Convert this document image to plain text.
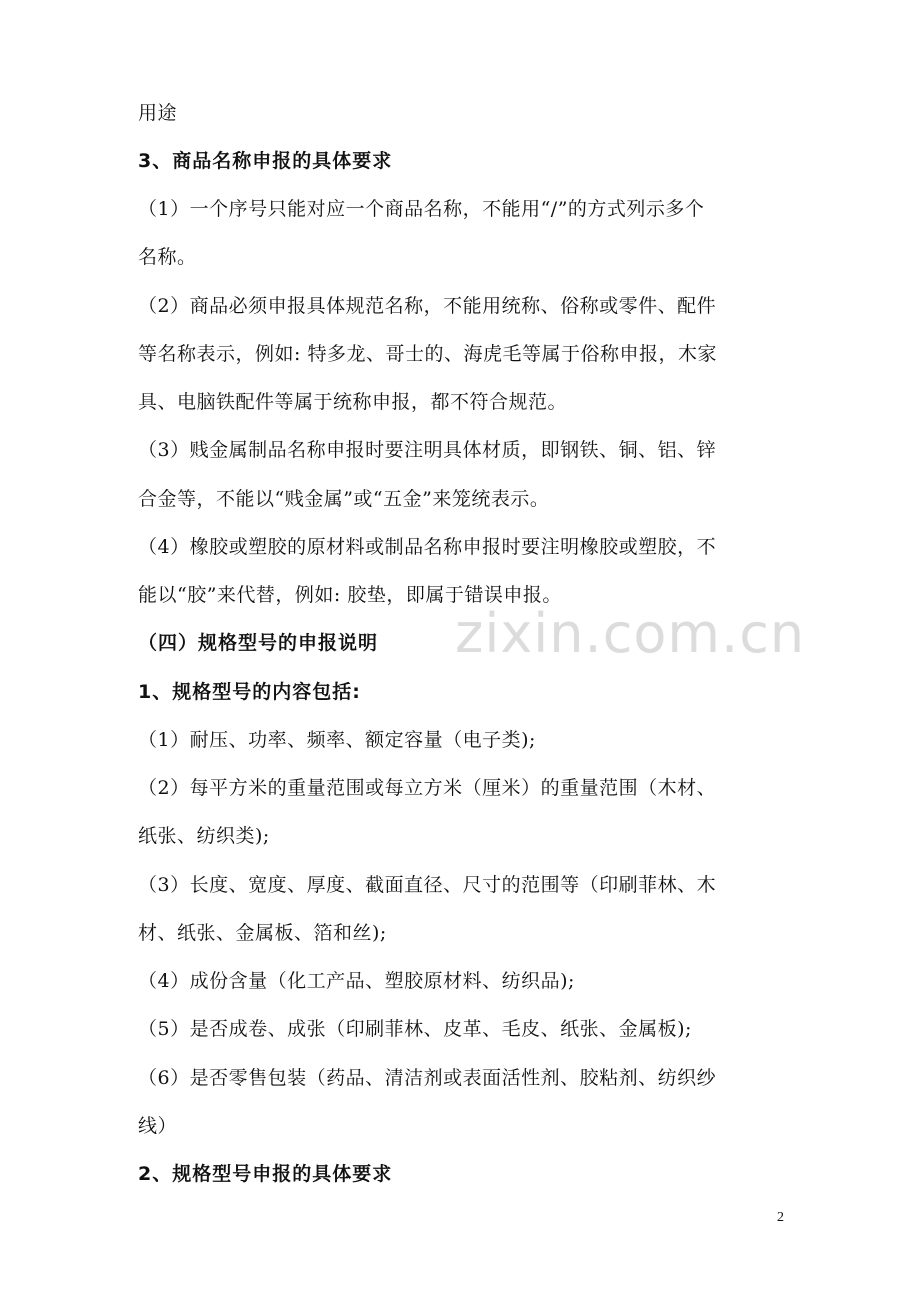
用途
3、商品名称申报的具体要求
（1）一个序号只能对应一个商品名称，不能用“/”的方式列示多个
名称。
（2）商品必须申报具体规范名称，不能用统称、俗称或零件、配件
等名称表示，例如: 特多龙、哥士的、海虎毛等属于俗称申报，木家
具、电脑铁配件等属于统称申报，都不符合规范。
（3）贱金属制品名称申报时要注明具体材质，即钢铁、铜、铝、锌
合金等，不能以“贱金属”或“五金”来笼统表示。
（4）橡胶或塑胶的原材料或制品名称申报时要注明橡胶或塑胶，不
能以“胶”来代替，例如: 胶垫，即属于错误申报。
（四）规格型号的申报说明
1、规格型号的内容包括:
（1）耐压、功率、频率、额定容量（电子类);
（2）每平方米的重量范围或每立方米（厘米）的重量范围（木材、
纸张、纺织类);
（3）长度、宽度、厚度、截面直径、尺寸的范围等（印刷菲林、木
材、纸张、金属板、箔和丝);
（4）成份含量（化工产品、塑胶原材料、纺织品);
（5）是否成卷、成张（印刷菲林、皮革、毛皮、纸张、金属板);
（6）是否零售包装（药品、清洁剂或表面活性剂、胶粘剂、纺织纱
线）
2、规格型号申报的具体要求
zixin.com.cn
2
